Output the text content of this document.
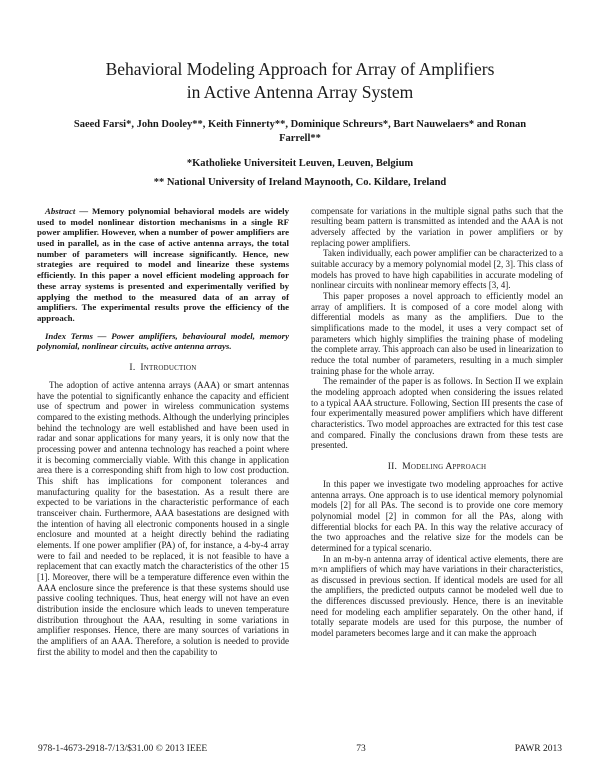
Behavioral Modeling Approach for Array of Amplifiers in Active Antenna Array System

Saeed Farsi*, John Dooley**, Keith Finnerty**, Dominique Schreurs*, Bart Nauwelaers* and Ronan Farrell**

*Katholieke Universiteit Leuven, Leuven, Belgium

** National University of Ireland Maynooth, Co. Kildare, Ireland

Abstract — Memory polynomial behavioral models are widely used to model nonlinear distortion mechanisms in a single RF power amplifier. However, when a number of power amplifiers are used in parallel, as in the case of active antenna arrays, the total number of parameters will increase significantly. Hence, new strategies are required to model and linearize these systems efficiently. In this paper a novel efficient modeling approach for these array systems is presented and experimentally verified by applying the method to the measured data of an array of amplifiers. The experimental results prove the efficiency of the approach.

Index Terms — Power amplifiers, behavioural model, memory polynomial, nonlinear circuits, active antenna arrays.

I. Introduction

The adoption of active antenna arrays (AAA) or smart antennas have the potential to significantly enhance the capacity and efficient use of spectrum and power in wireless communication systems compared to the existing methods. Although the underlying principles behind the technology are well established and have been used in radar and sonar applications for many years, it is only now that the processing power and antenna technology has reached a point where it is becoming commercially viable. With this change in application area there is a corresponding shift from high to low cost production. This shift has implications for component tolerances and manufacturing quality for the basestation. As a result there are expected to be variations in the characteristic performance of each transceiver chain. Furthermore, AAA basestations are designed with the intention of having all electronic components housed in a single enclosure and mounted at a height directly behind the radiating elements. If one power amplifier (PA) of, for instance, a 4-by-4 array were to fail and needed to be replaced, it is not feasible to have a replacement that can exactly match the characteristics of the other 15 [1]. Moreover, there will be a temperature difference even within the AAA enclosure since the preference is that these systems should use passive cooling techniques. Thus, heat energy will not have an even distribution inside the enclosure which leads to uneven temperature distribution throughout the AAA, resulting in some variations in amplifier responses. Hence, there are many sources of variations in the amplifiers of an AAA. Therefore, a solution is needed to provide first the ability to model and then the capability to

compensate for variations in the multiple signal paths such that the resulting beam pattern is transmitted as intended and the AAA is not adversely affected by the variation in power amplifiers or by replacing power amplifiers.

Taken individually, each power amplifier can be characterized to a suitable accuracy by a memory polynomial model [2, 3]. This class of models has proved to have high capabilities in accurate modeling of nonlinear circuits with nonlinear memory effects [3, 4].

This paper proposes a novel approach to efficiently model an array of amplifiers. It is composed of a core model along with differential models as many as the amplifiers. Due to the simplifications made to the model, it uses a very compact set of parameters which highly simplifies the training phase of modeling the complete array. This approach can also be used in linearization to reduce the total number of parameters, resulting in a much simpler training phase for the whole array.

The remainder of the paper is as follows. In Section II we explain the modeling approach adopted when considering the issues related to a typical AAA structure. Following, Section III presents the case of four experimentally measured power amplifiers which have different characteristics. Two model approaches are extracted for this test case and compared. Finally the conclusions drawn from these tests are presented.

II. Modeling Approach

In this paper we investigate two modeling approaches for active antenna arrays. One approach is to use identical memory polynomial models [2] for all PAs. The second is to provide one core memory polynomial model [2] in common for all the PAs, along with differential blocks for each PA. In this way the relative accuracy of the two approaches and the relative size for the models can be determined for a typical scenario.

In an m-by-n antenna array of identical active elements, there are m×n amplifiers of which may have variations in their characteristics, as discussed in previous section. If identical models are used for all the amplifiers, the predicted outputs cannot be modeled well due to the differences discussed previously. Hence, there is an inevitable need for modeling each amplifier separately. On the other hand, if totally separate models are used for this purpose, the number of model parameters becomes large and it can make the approach

978-1-4673-2918-7/13/$31.00 © 2013 IEEE	73	PAWR 2013
